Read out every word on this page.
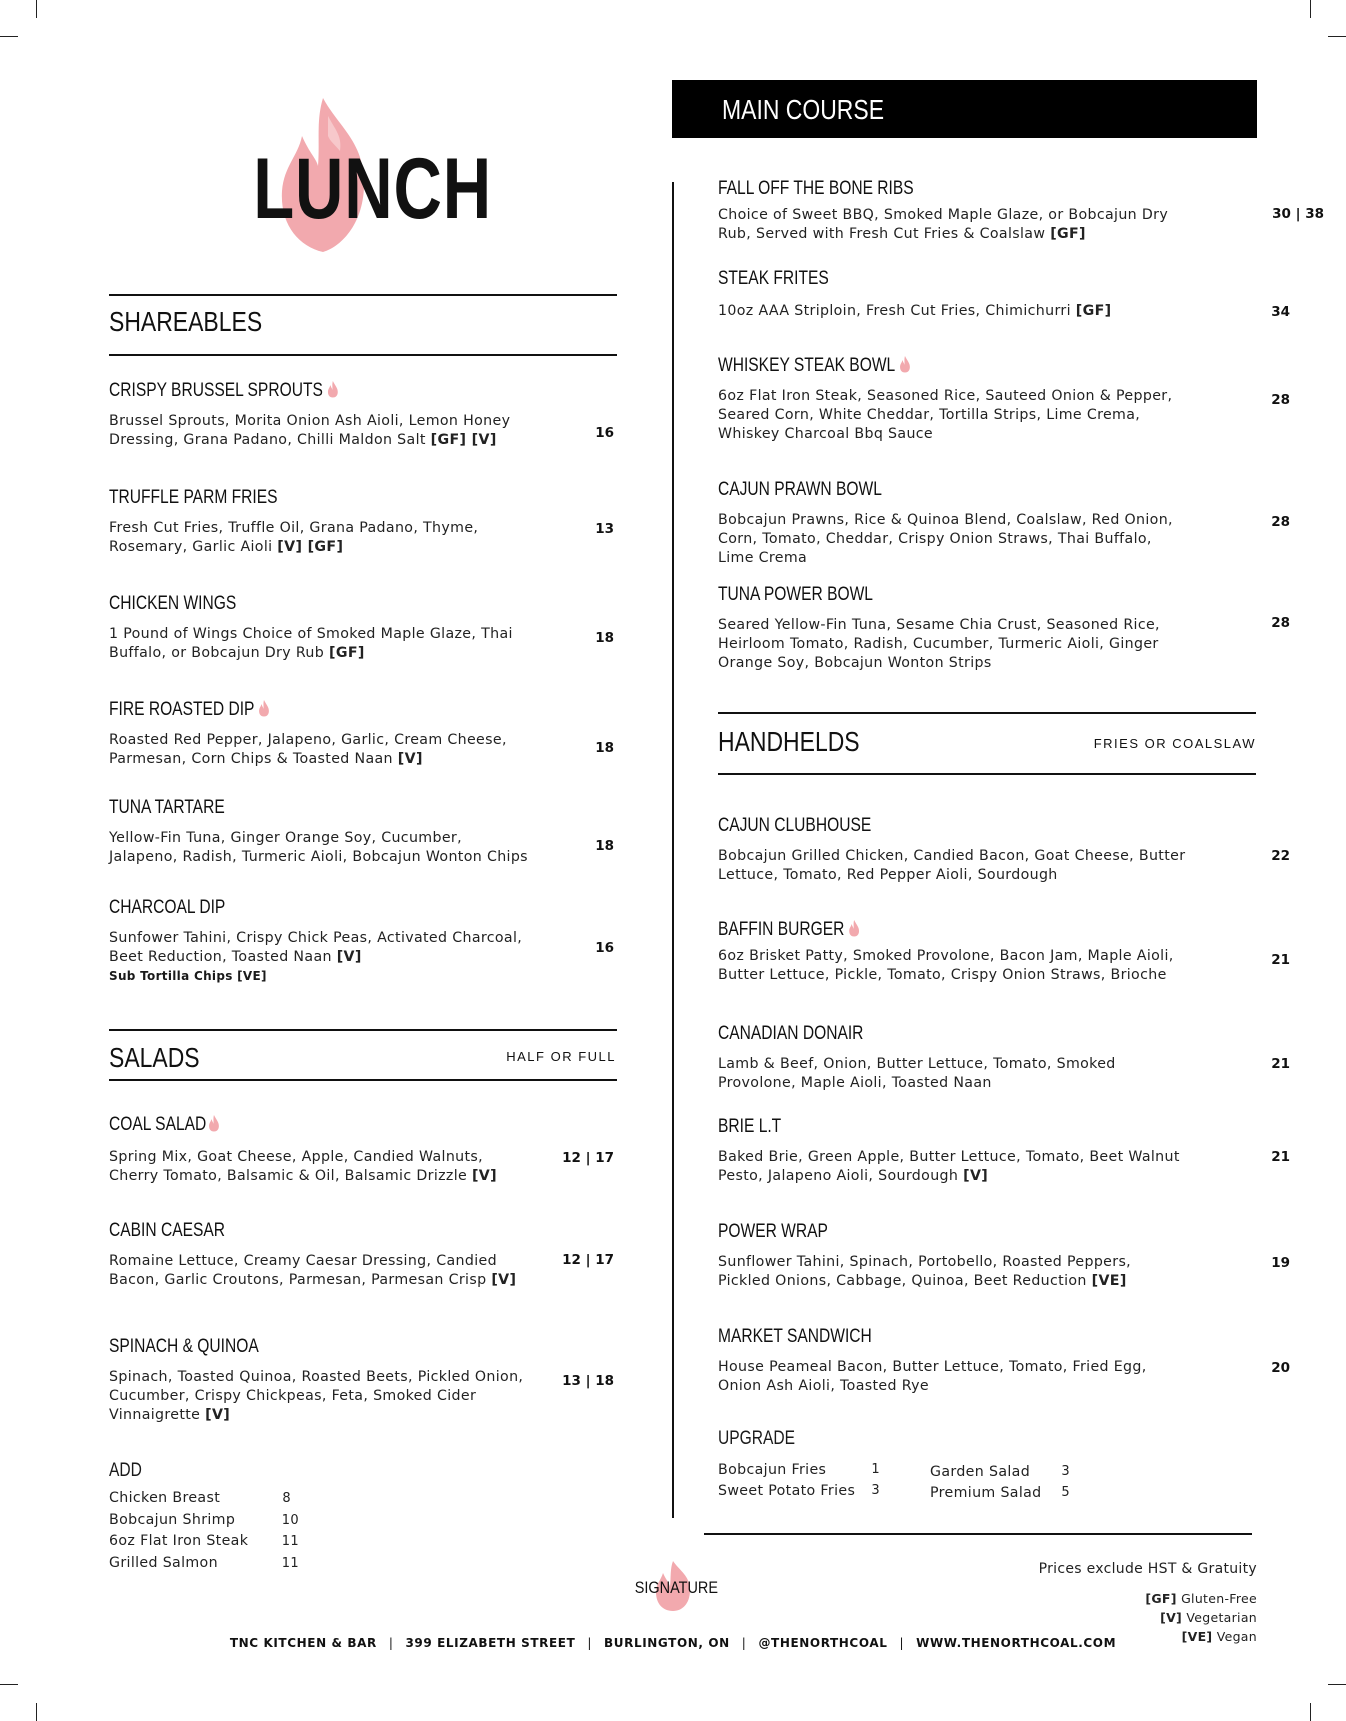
LUNCH
SHAREABLES
CRISPY BRUSSEL SPROUTS
Brussel Sprouts, Morita Onion Ash Aioli, Lemon Honey Dressing, Grana Padano, Chilli Maldon Salt [GF] [V]	16
TRUFFLE PARM FRIES
Fresh Cut Fries, Truffle Oil, Grana Padano, Thyme, Rosemary, Garlic Aioli [V] [GF]
13
CHICKEN WINGS
1 Pound of Wings Choice of Smoked Maple Glaze, Thai Buffalo, or Bobcajun Dry Rub [GF]
18
FIRE ROASTED DIP
Roasted Red Pepper, Jalapeno, Garlic, Cream Cheese, Parmesan, Corn Chips & Toasted Naan [V]
18
TUNA TARTARE
Yellow-Fin Tuna, Ginger Orange Soy, Cucumber, Jalapeno, Radish, Turmeric Aioli, Bobcajun Wonton Chips
18
CHARCOAL DIP
Sunfower Tahini, Crispy Chick Peas, Activated Charcoal, Beet Reduction, Toasted Naan [V]
Sub Tortilla Chips [VE]
16
SALADS	HALF OR FULL
COAL SALAD
Spring Mix, Goat Cheese, Apple, Candied Walnuts, Cherry Tomato, Balsamic & Oil, Balsamic Drizzle [V]
12 | 17
CABIN CAESAR
Romaine Lettuce, Creamy Caesar Dressing, Candied Bacon, Garlic Croutons, Parmesan, Parmesan Crisp [V]
12 | 17
SPINACH & QUINOA
Spinach, Toasted Quinoa, Roasted Beets, Pickled Onion, Cucumber, Crispy Chickpeas, Feta, Smoked Cider Vinnaigrette [V]
13 | 18
ADD
Chicken Breast	8
Bobcajun Shrimp	10
6oz Flat Iron Steak	11
Grilled Salmon	11
MAIN COURSE
FALL OFF THE BONE RIBS
Choice of Sweet BBQ, Smoked Maple Glaze, or Bobcajun Dry Rub, Served with Fresh Cut Fries & Coalslaw [GF]
30 | 38
STEAK FRITES
10oz AAA Striploin, Fresh Cut Fries, Chimichurri [GF]	34
WHISKEY STEAK BOWL
6oz Flat Iron Steak, Seasoned Rice, Sauteed Onion & Pepper, Seared Corn, White Cheddar, Tortilla Strips, Lime Crema, Whiskey Charcoal Bbq Sauce
28
CAJUN PRAWN BOWL
Bobcajun Prawns, Rice & Quinoa Blend, Coalslaw, Red Onion, Corn, Tomato, Cheddar, Crispy Onion Straws, Thai Buffalo, Lime Crema
28
TUNA POWER BOWL
Seared Yellow-Fin Tuna, Sesame Chia Crust, Seasoned Rice, Heirloom Tomato, Radish, Cucumber, Turmeric Aioli, Ginger Orange Soy, Bobcajun Wonton Strips
28
HANDHELDS	FRIES OR COALSLAW
CAJUN CLUBHOUSE
Bobcajun Grilled Chicken, Candied Bacon, Goat Cheese, Butter Lettuce, Tomato, Red Pepper Aioli, Sourdough
22
BAFFIN BURGER
6oz Brisket Patty, Smoked Provolone, Bacon Jam, Maple Aioli, Butter Lettuce, Pickle, Tomato, Crispy Onion Straws, Brioche
21
CANADIAN DONAIR
Lamb & Beef, Onion, Butter Lettuce, Tomato, Smoked Provolone, Maple Aioli, Toasted Naan
21
BRIE L.T
Baked Brie, Green Apple, Butter Lettuce, Tomato, Beet Walnut Pesto, Jalapeno Aioli, Sourdough [V]
21
POWER WRAP
Sunflower Tahini, Spinach, Portobello, Roasted Peppers, Pickled Onions, Cabbage, Quinoa, Beet Reduction [VE]
19
MARKET SANDWICH
House Peameal Bacon, Butter Lettuce, Tomato, Fried Egg, Onion Ash Aioli, Toasted Rye
20
UPGRADE
Bobcajun Fries	1
Sweet Potato Fries 3
Garden Salad 3
Premium Salad 5
SIGNATURE
Prices exclude HST & Gratuity
[GF] Gluten-Free
[V] Vegetarian
[VE] Vegan
TNC KITCHEN & BAR | 399 ELIZABETH STREET | BURLINGTON, ON | @THENORTHCOAL | WWW.THENORTHCOAL.COM
